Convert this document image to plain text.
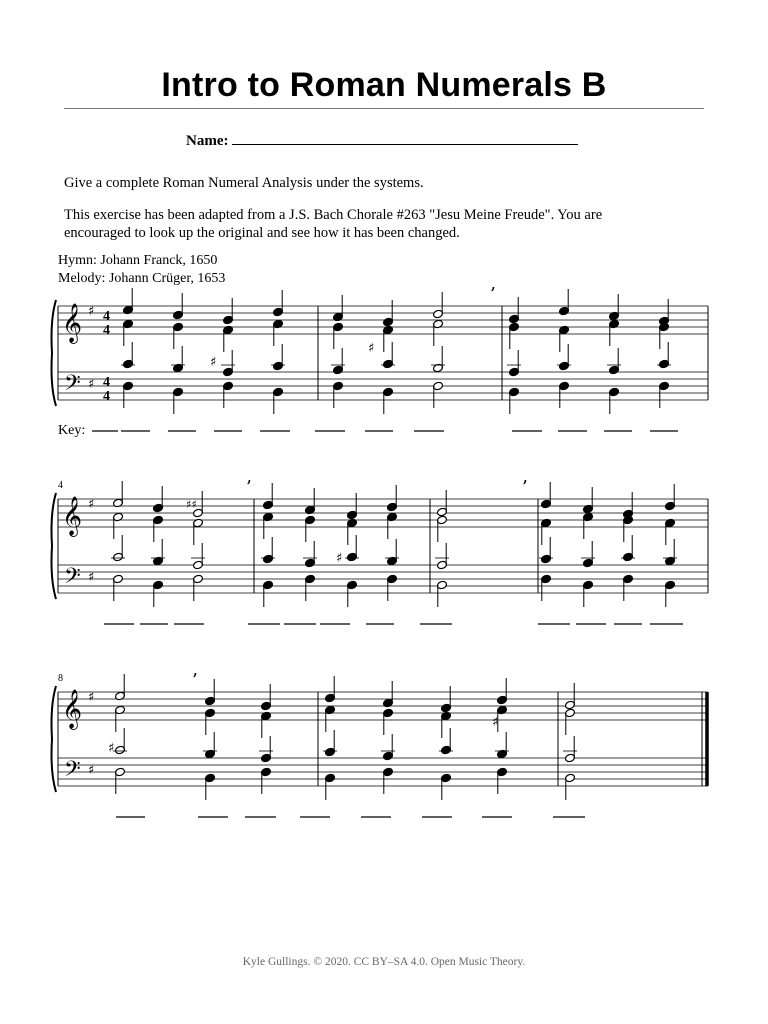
Intro to Roman Numerals B
Name:
Give a complete Roman Numeral Analysis under the systems.
This exercise has been adapted from a J.S. Bach Chorale #263 "Jesu Meine Freude". You are
encouraged to look up the original and see how it has been changed.
Hymn: Johann Franck, 1650
Melody: Johann Crüger, 1653
𝄞
𝄢
♯
♯
𝄞
𝄢
♯
♯
𝄞
𝄢
♯
♯
♯
♯
♯♯
♯
♯
♯
’
’	’
’
Key:
4
8
4
4
4
4
Kyle Gullings. © 2020. CC BY–SA 4.0. Open Music Theory.
